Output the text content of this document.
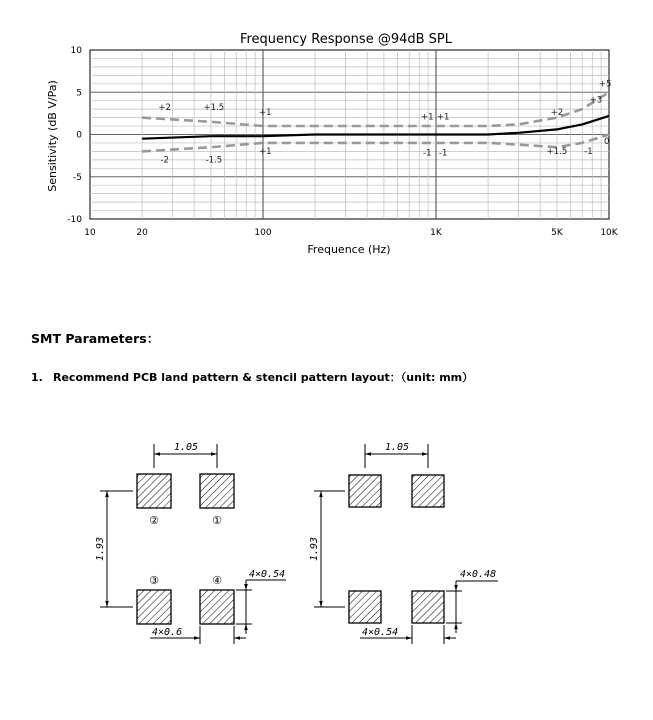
Frequency Response @94dB SPL
+2	+1.5
+1
-2	-1.5
+1
+1 +1
-1 -1
+2
+3
+5
+1.5 -1
0
10	20	100	1K	5K	10K
10
5
0
-5
-10
Frequence (Hz)
Sensitivity (dB V/Pa)
SMT Parameters：
1. Recommend PCB land pattern & stencil pattern layout：（unit: mm）
②	①
③	④
1.05
1.93
4×0.54
4×0.6
1.05
1.93
4×0.48
4×0.54
